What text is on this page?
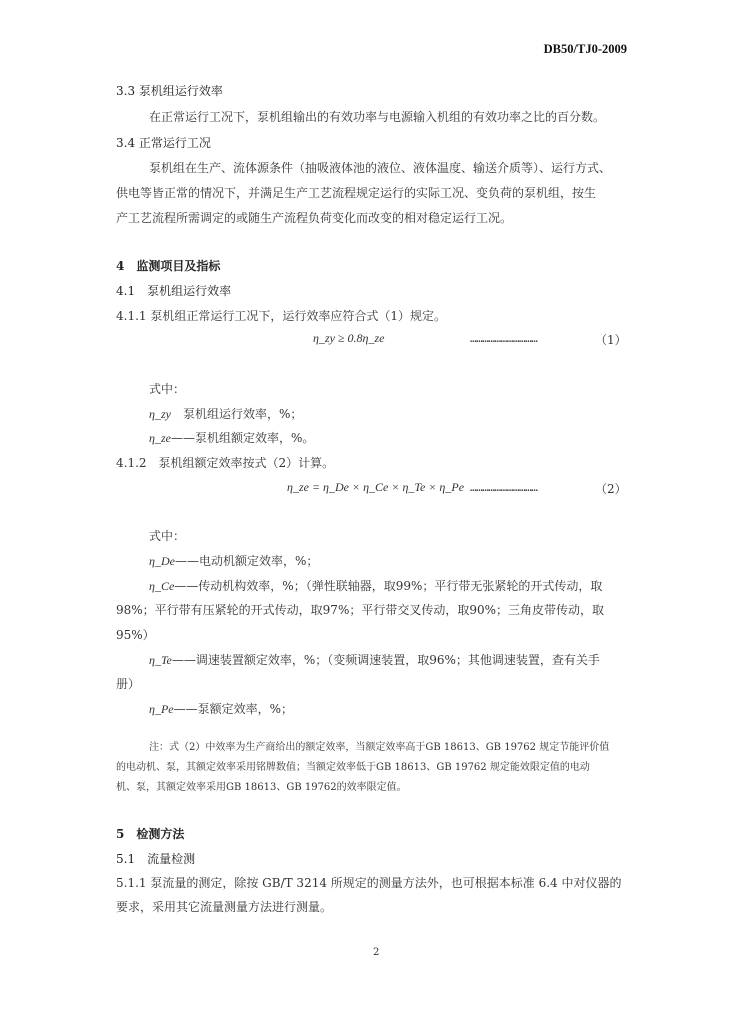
DB50/TJ0-2009
3.3 泵机组运行效率
在正常运行工况下，泵机组输出的有效功率与电源输入机组的有效功率之比的百分数。
3.4 正常运行工况
泵机组在生产、流体源条件（抽吸液体池的液位、液体温度、输送介质等）、运行方式、
供电等皆正常的情况下，并满足生产工艺流程规定运行的实际工况、变负荷的泵机组，按生
产工艺流程所需调定的或随生产流程负荷变化而改变的相对稳定运行工况。
4　监测项目及指标
4.1　泵机组运行效率
4.1.1 泵机组正常运行工况下，运行效率应符合式（1）规定。
η_zy ≥ 0.8η_ze	……………………………	（1）
式中：
η_zy　泵机组运行效率，%；
η_ze——泵机组额定效率，%。
4.1.2　泵机组额定效率按式（2）计算。
η_ze = η_De × η_Ce × η_Te × η_Pe ……………………………	（2）
式中：
η_De——电动机额定效率，%；
η_Ce——传动机构效率，%；（弹性联轴器，取99%；平行带无张紧轮的开式传动，取
98%；平行带有压紧轮的开式传动，取97%；平行带交叉传动，取90%；三角皮带传动，取
95%）
η_Te——调速装置额定效率，%；（变频调速装置，取96%；其他调速装置，查有关手
册）
η_Pe——泵额定效率，%；
注：式（2）中效率为生产商给出的额定效率，当额定效率高于GB 18613、GB 19762 规定节能评价值
的电动机、泵，其额定效率采用铭牌数值；当额定效率低于GB 18613、GB 19762 规定能效限定值的电动
机、泵，其额定效率采用GB 18613、GB 19762的效率限定值。
5　检测方法
5.1　流量检测
5.1.1 泵流量的测定，除按 GB/T 3214 所规定的测量方法外，也可根据本标准 6.4 中对仪器的
要求，采用其它流量测量方法进行测量。
2
